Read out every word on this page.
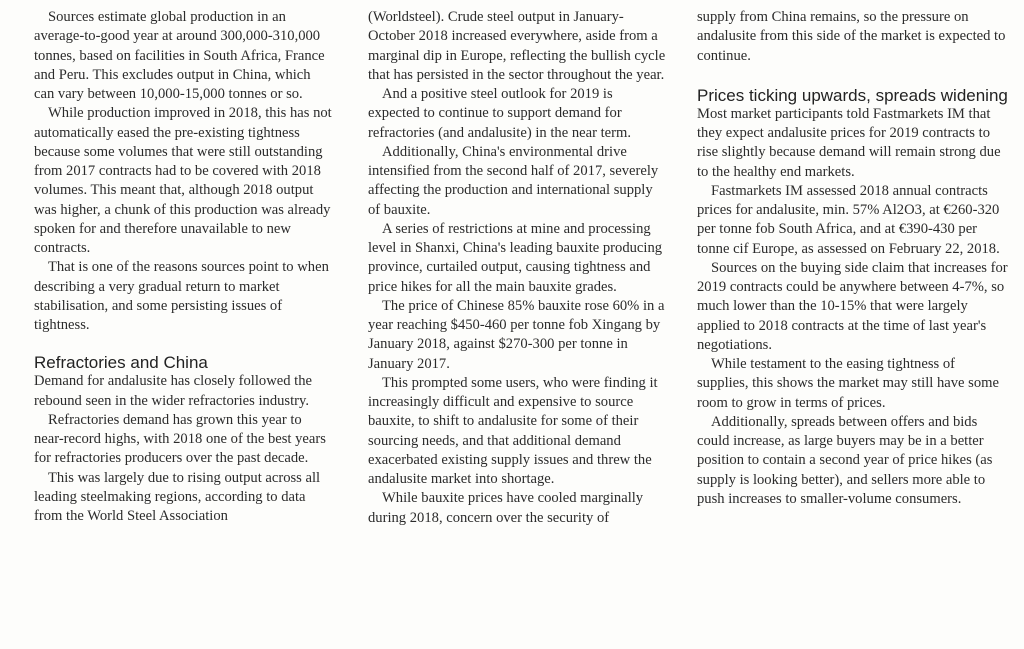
Sources estimate global production in an average-to-good year at around 300,000-310,000 tonnes, based on facilities in South Africa, France and Peru. This excludes output in China, which can vary between 10,000-15,000 tonnes or so.

While production improved in 2018, this has not automatically eased the pre-existing tightness because some volumes that were still outstanding from 2017 contracts had to be covered with 2018 volumes. This meant that, although 2018 output was higher, a chunk of this production was already spoken for and therefore unavailable to new contracts.

That is one of the reasons sources point to when describing a very gradual return to market stabilisation, and some persisting issues of tightness.

Refractories and China

Demand for andalusite has closely followed the rebound seen in the wider refractories industry.

Refractories demand has grown this year to near-record highs, with 2018 one of the best years for refractories producers over the past decade.

This was largely due to rising output across all leading steelmaking regions, according to data from the World Steel Association

(Worldsteel). Crude steel output in January-October 2018 increased everywhere, aside from a marginal dip in Europe, reflecting the bullish cycle that has persisted in the sector throughout the year.

And a positive steel outlook for 2019 is expected to continue to support demand for refractories (and andalusite) in the near term.

Additionally, China's environmental drive intensified from the second half of 2017, severely affecting the production and international supply of bauxite.

A series of restrictions at mine and processing level in Shanxi, China's leading bauxite producing province, curtailed output, causing tightness and price hikes for all the main bauxite grades.

The price of Chinese 85% bauxite rose 60% in a year reaching $450-460 per tonne fob Xingang by January 2018, against $270-300 per tonne in January 2017.

This prompted some users, who were finding it increasingly difficult and expensive to source bauxite, to shift to andalusite for some of their sourcing needs, and that additional demand exacerbated existing supply issues and threw the andalusite market into shortage.

While bauxite prices have cooled marginally during 2018, concern over the security of

supply from China remains, so the pressure on andalusite from this side of the market is expected to continue.

Prices ticking upwards, spreads widening

Most market participants told Fastmarkets IM that they expect andalusite prices for 2019 contracts to rise slightly because demand will remain strong due to the healthy end markets.

Fastmarkets IM assessed 2018 annual contracts prices for andalusite, min. 57% Al2O3, at €260-320 per tonne fob South Africa, and at €390-430 per tonne cif Europe, as assessed on February 22, 2018.

Sources on the buying side claim that increases for 2019 contracts could be anywhere between 4-7%, so much lower than the 10-15% that were largely applied to 2018 contracts at the time of last year's negotiations.

While testament to the easing tightness of supplies, this shows the market may still have some room to grow in terms of prices.

Additionally, spreads between offers and bids could increase, as large buyers may be in a better position to contain a second year of price hikes (as supply is looking better), and sellers more able to push increases to smaller-volume consumers.
